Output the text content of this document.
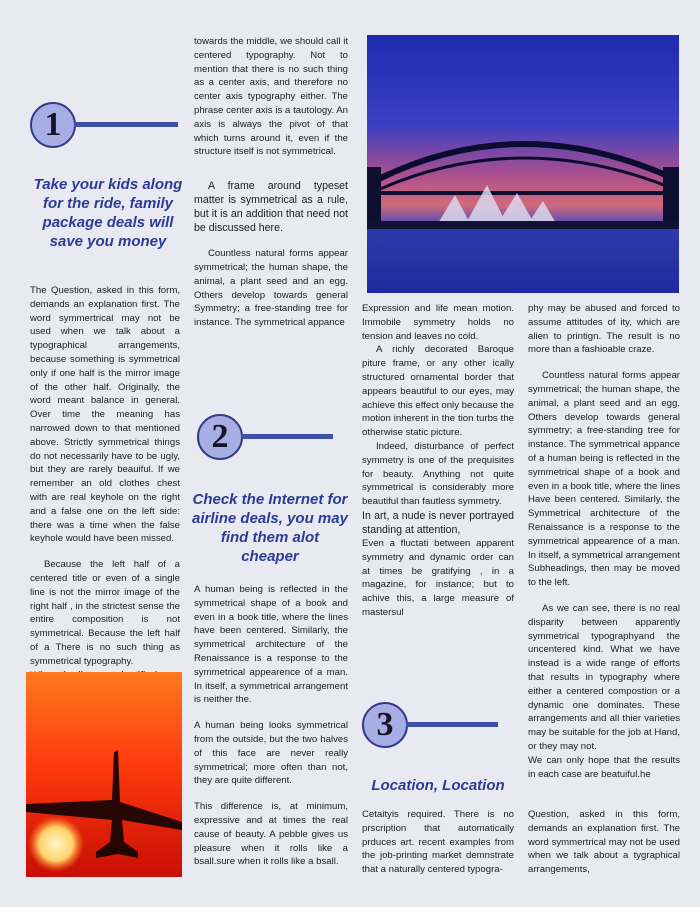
1
Take your kids along for the ride, family package deals will save you money

The Question, asked in this form, demands an explanation first. The word symmertrical may not be used when we talk about a typographical arrangements, because something is symmetrical only if one half is the mirror image of the other half. Originally, the word meant balance in general. Over time the meaning has narrowed down to that mentioned above. Strictly symmetrical things do not necessarily have to be ugly, but they are rarely beauiful. If we remember an old clothes chest with are real keyhole on the right and a false one on the left side: there was a time when the false keyhole would have been missed.

Because the left half of a centered title or even of a single line is not the mirror image of the right half , in the strictest sense the entire composition is not symmetrical. Because the left half of a There is no such thing as symmetrical typography.

towards the middle, we should call it centered typography. Not to mention that there is no such thing as a center axis, and therefore no center axis typography either. The phrase center axis is a tautology. An axis is always the pivot of that which turns around it, even if the structure itself is not symmetrical.

A frame around typeset matter is symmetrical as a rule, but it is an addition that need not be discussed here.

Countless natural forms appear symmetrical; the human shape, the animal, a plant seed and an egg. Others develop towards general Symmetry; a free-standing tree for instance. The symmetrical appance

2
Check the Internet for airline deals, you may find them alot cheaper

A human being is reflected in the symmetrical shape of a book and even in a book title, where the lines have been centered. Similarly, the symmetrical architecture of the Renaissance is a response to the symmetrical appearence of a man. In itself, a symmetrical arrangement is neither the.

A human being looks symmetrical from the outside, but the two halves of this face are never really symmetrical; more often than not, they are quite different.

This difference is, at minimum, expressive and at times the real cause of beauty. A pebble gives us pleasure when it rolls like a bsall.sure when it rolls like a bsall.

Expression and life mean motion. Immobile symmetry holds no tension and leaves no cold.

A richly decorated Baroque piture frame, or any other ically structured ornamental border that appears beautiful to our eyes, may achieve this effect only because the motion inherent in the tion turbs the otherwise static picture.

Indeed, disturbance of perfect symmetry is one of the prequisites for beauty. Anything not quite symmetrical is considerably more beautiful than fautless symmetry.

In art, a nude is never portrayed standing at attention,

Even a fluctati between apparent symmetry and dynamic order can at times be gratifying , in a magazine, for instance; but to achive this, a large measure of mastersul

3
Location, Location

Cetaityis required. There is no prscription that automatically prduces art. recent examples from the job-printing market demnstrate that a naturally centered typogra-

phy may be abused and forced to assume attitudes of ity, which are alien to printign. The result is no more than a fashioable craze.

Countless natural forms appear symmetrical; the human shape, the animal, a plant seed and an egg. Others develop towards general symmetry; a free-standing tree for instance. The symmetrical appance of a human being is reflected in the symmetrical shape of a book and even in a book title, where the lines Have been centered. Similarly, the Symmetrical architecture of the Renaissance is a response to the symmetrical appearence of a man. In itself, a symmetrical arrangement Subheadings, then may be moved to the left.

As we can see, there is no real disparity between apparently symmetrical typographyand the uncentered kind. What we have instead is a wide range of efforts that results in typography where either a centered compostion or a dynamic one dominates. These arrangements and all thier varieties may be suitable for the job at Hand, or they may not.

We can only hope that the results in each case are beatuiful.he

Question, asked in this form, demands an explanation first. The word symmertrical may not be used when we talk about a tygraphical arrangements,
